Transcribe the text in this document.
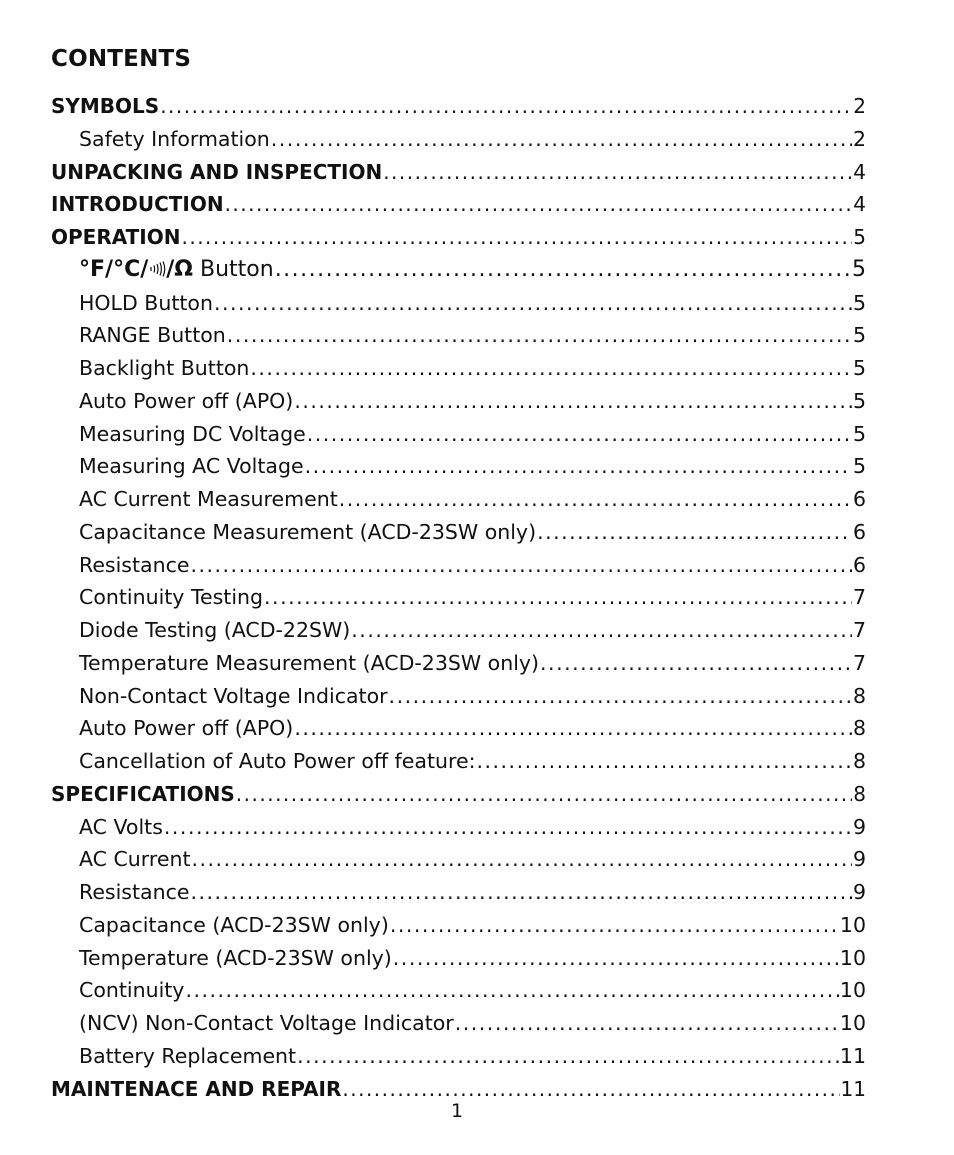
CONTENTS
SYMBOLS .....	2
Safety Information .....	2
UNPACKING AND INSPECTION .....	4
INTRODUCTION .....	4
OPERATION .....	5
°F/°C/ /Ω Button .....	5
HOLD Button .....	5
RANGE Button .....	5
Backlight Button .....	5
Auto Power off (APO) .....	5
Measuring DC Voltage .....	5
Measuring AC Voltage .....	5
AC Current Measurement .....	6
Capacitance Measurement (ACD-23SW only) .....	6
Resistance .....	6
Continuity Testing .....	7
Diode Testing (ACD-22SW) .....	7
Temperature Measurement (ACD-23SW only) .....	7
Non-Contact Voltage Indicator .....	8
Auto Power off (APO) .....	8
Cancellation of Auto Power off feature: .....	8
SPECIFICATIONS .....	8
AC Volts .....	9
AC Current .....	9
Resistance .....	9
Capacitance (ACD-23SW only) .....	10
Temperature (ACD-23SW only) .....	10
Continuity .....	10
(NCV) Non-Contact Voltage Indicator .....	10
Battery Replacement .....	11
MAINTENACE AND REPAIR .....	11
1
